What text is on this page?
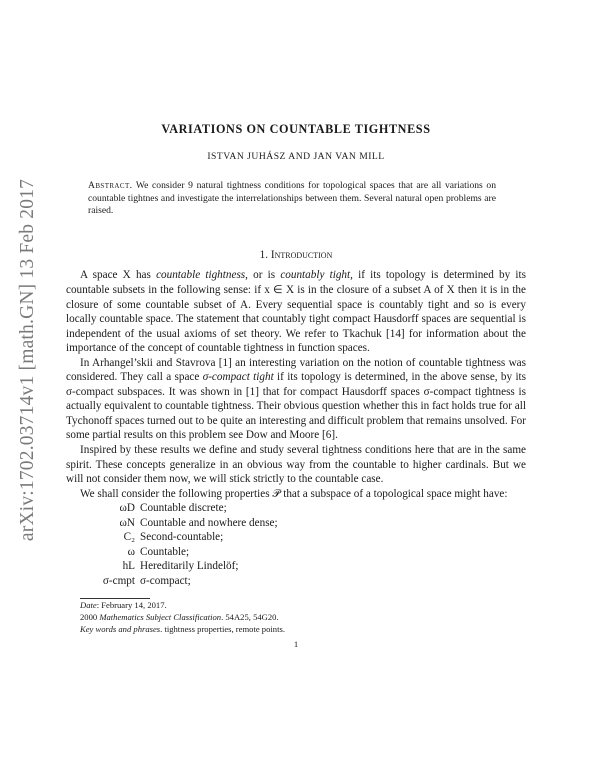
arXiv:1702.03714v1 [math.GN] 13 Feb 2017
VARIATIONS ON COUNTABLE TIGHTNESS
ISTVAN JUHÁSZ AND JAN VAN MILL
Abstract. We consider 9 natural tightness conditions for topological spaces that are all variations on countable tightnes and investigate the interrelationships between them. Several natural open problems are raised.
1. Introduction

A space X has countable tightness, or is countably tight, if its topology is determined by its countable subsets in the following sense: if x ∈ X is in the closure of a subset A of X then it is in the closure of some countable subset of A. Every sequential space is countably tight and so is every locally countable space. The statement that countably tight compact Hausdorff spaces are sequential is independent of the usual axioms of set theory. We refer to Tkachuk [14] for information about the importance of the concept of countable tightness in function spaces.

In Arhangel’skii and Stavrova [1] an interesting variation on the notion of countable tightness was considered. They call a space σ-compact tight if its topology is determined, in the above sense, by its σ-compact subspaces. It was shown in [1] that for compact Hausdorff spaces σ-compact tightness is actually equivalent to countable tightness. Their obvious question whether this in fact holds true for all Tychonoff spaces turned out to be quite an interesting and difficult problem that remains unsolved. For some partial results on this problem see Dow and Moore [6].

Inspired by these results we define and study several tightness conditions here that are in the same spirit. These concepts generalize in an obvious way from the countable to higher cardinals. But we will not consider them now, we will stick strictly to the countable case.

We shall consider the following properties 𝒫 that a subspace of a topological space might have:

ωD Countable discrete;
ωN Countable and nowhere dense;
C₂ Second-countable;
ω Countable;
hL Hereditarily Lindelöf;
σ-cmpt σ-compact;
Date: February 14, 2017.
2000 Mathematics Subject Classification. 54A25, 54G20.
Key words and phrases. tightness properties, remote points.
1
